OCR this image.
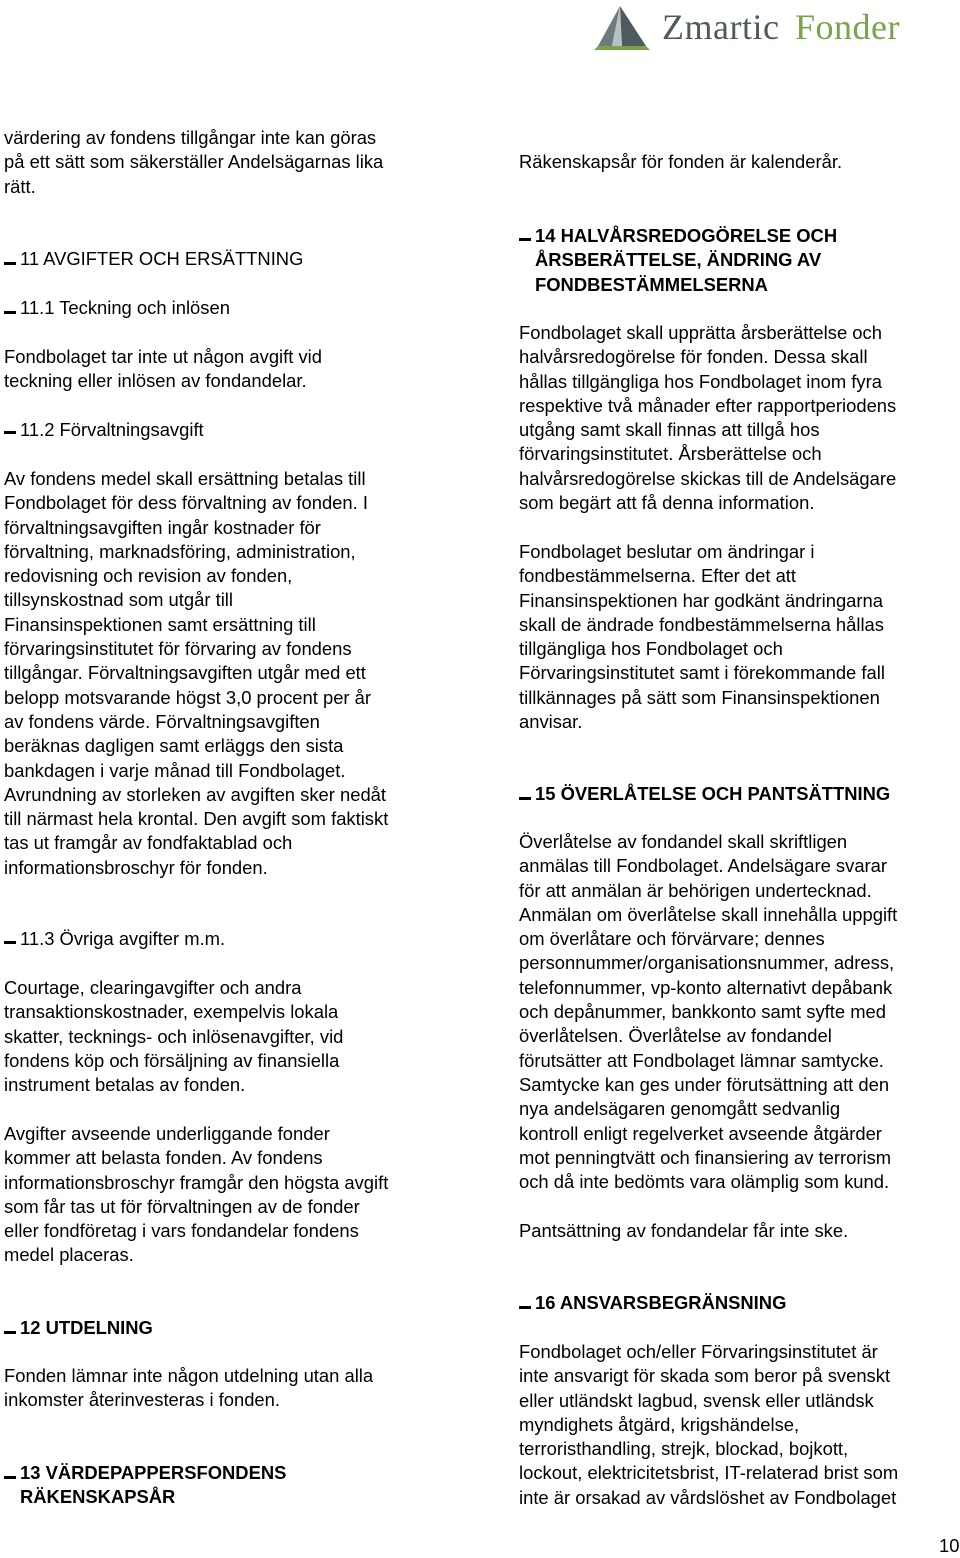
Zmartic Fonder

värdering av fondens tillgångar inte kan göras
på ett sätt som säkerställer Andelsägarnas lika
rätt.

11 AVGIFTER OCH ERSÄTTNING

11.1 Teckning och inlösen

Fondbolaget tar inte ut någon avgift vid
teckning eller inlösen av fondandelar.

11.2 Förvaltningsavgift

Av fondens medel skall ersättning betalas till
Fondbolaget för dess förvaltning av fonden. I
förvaltningsavgiften ingår kostnader för
förvaltning, marknadsföring, administration,
redovisning och revision av fonden,
tillsynskostnad som utgår till
Finansinspektionen samt ersättning till
förvaringsinstitutet för förvaring av fondens
tillgångar. Förvaltningsavgiften utgår med ett
belopp motsvarande högst 3,0 procent per år
av fondens värde. Förvaltningsavgiften
beräknas dagligen samt erläggs den sista
bankdagen i varje månad till Fondbolaget.
Avrundning av storleken av avgiften sker nedåt
till närmast hela krontal. Den avgift som faktiskt
tas ut framgår av fondfaktablad och
informationsbroschyr för fonden.

11.3 Övriga avgifter m.m.

Courtage, clearingavgifter och andra
transaktionskostnader, exempelvis lokala
skatter, tecknings- och inlösenavgifter, vid
fondens köp och försäljning av finansiella
instrument betalas av fonden.

Avgifter avseende underliggande fonder
kommer att belasta fonden. Av fondens
informationsbroschyr framgår den högsta avgift
som får tas ut för förvaltningen av de fonder
eller fondföretag i vars fondandelar fondens
medel placeras.

12 UTDELNING

Fonden lämnar inte någon utdelning utan alla
inkomster återinvesteras i fonden.

13 VÄRDEPAPPERSFONDENS
RÄKENSKAPSÅR

Räkenskapsår för fonden är kalenderår.

14 HALVÅRSREDOGÖRELSE OCH
ÅRSBERÄTTELSE, ÄNDRING AV
FONDBESTÄMMELSERNA

Fondbolaget skall upprätta årsberättelse och
halvårsredogörelse för fonden. Dessa skall
hållas tillgängliga hos Fondbolaget inom fyra
respektive två månader efter rapportperiodens
utgång samt skall finnas att tillgå hos
förvaringsinstitutet. Årsberättelse och
halvårsredogörelse skickas till de Andelsägare
som begärt att få denna information.

Fondbolaget beslutar om ändringar i
fondbestämmelserna. Efter det att
Finansinspektionen har godkänt ändringarna
skall de ändrade fondbestämmelserna hållas
tillgängliga hos Fondbolaget och
Förvaringsinstitutet samt i förekommande fall
tillkännages på sätt som Finansinspektionen
anvisar.

15 ÖVERLÅTELSE OCH PANTSÄTTNING

Överlåtelse av fondandel skall skriftligen
anmälas till Fondbolaget. Andelsägare svarar
för att anmälan är behörigen undertecknad.
Anmälan om överlåtelse skall innehålla uppgift
om överlåtare och förvärvare; dennes
personnummer/organisationsnummer, adress,
telefonnummer, vp-konto alternativt depåbank
och depånummer, bankkonto samt syfte med
överlåtelsen. Överlåtelse av fondandel
förutsätter att Fondbolaget lämnar samtycke.
Samtycke kan ges under förutsättning att den
nya andelsägaren genomgått sedvanlig
kontroll enligt regelverket avseende åtgärder
mot penningtvätt och finansiering av terrorism
och då inte bedömts vara olämplig som kund.

Pantsättning av fondandelar får inte ske.

16 ANSVARSBEGRÄNSNING

Fondbolaget och/eller Förvaringsinstitutet är
inte ansvarigt för skada som beror på svenskt
eller utländskt lagbud, svensk eller utländsk
myndighets åtgärd, krigshändelse,
terroristhandling, strejk, blockad, bojkott,
lockout, elektricitetsbrist, IT-relaterad brist som
inte är orsakad av vårdslöshet av Fondbolaget

10
